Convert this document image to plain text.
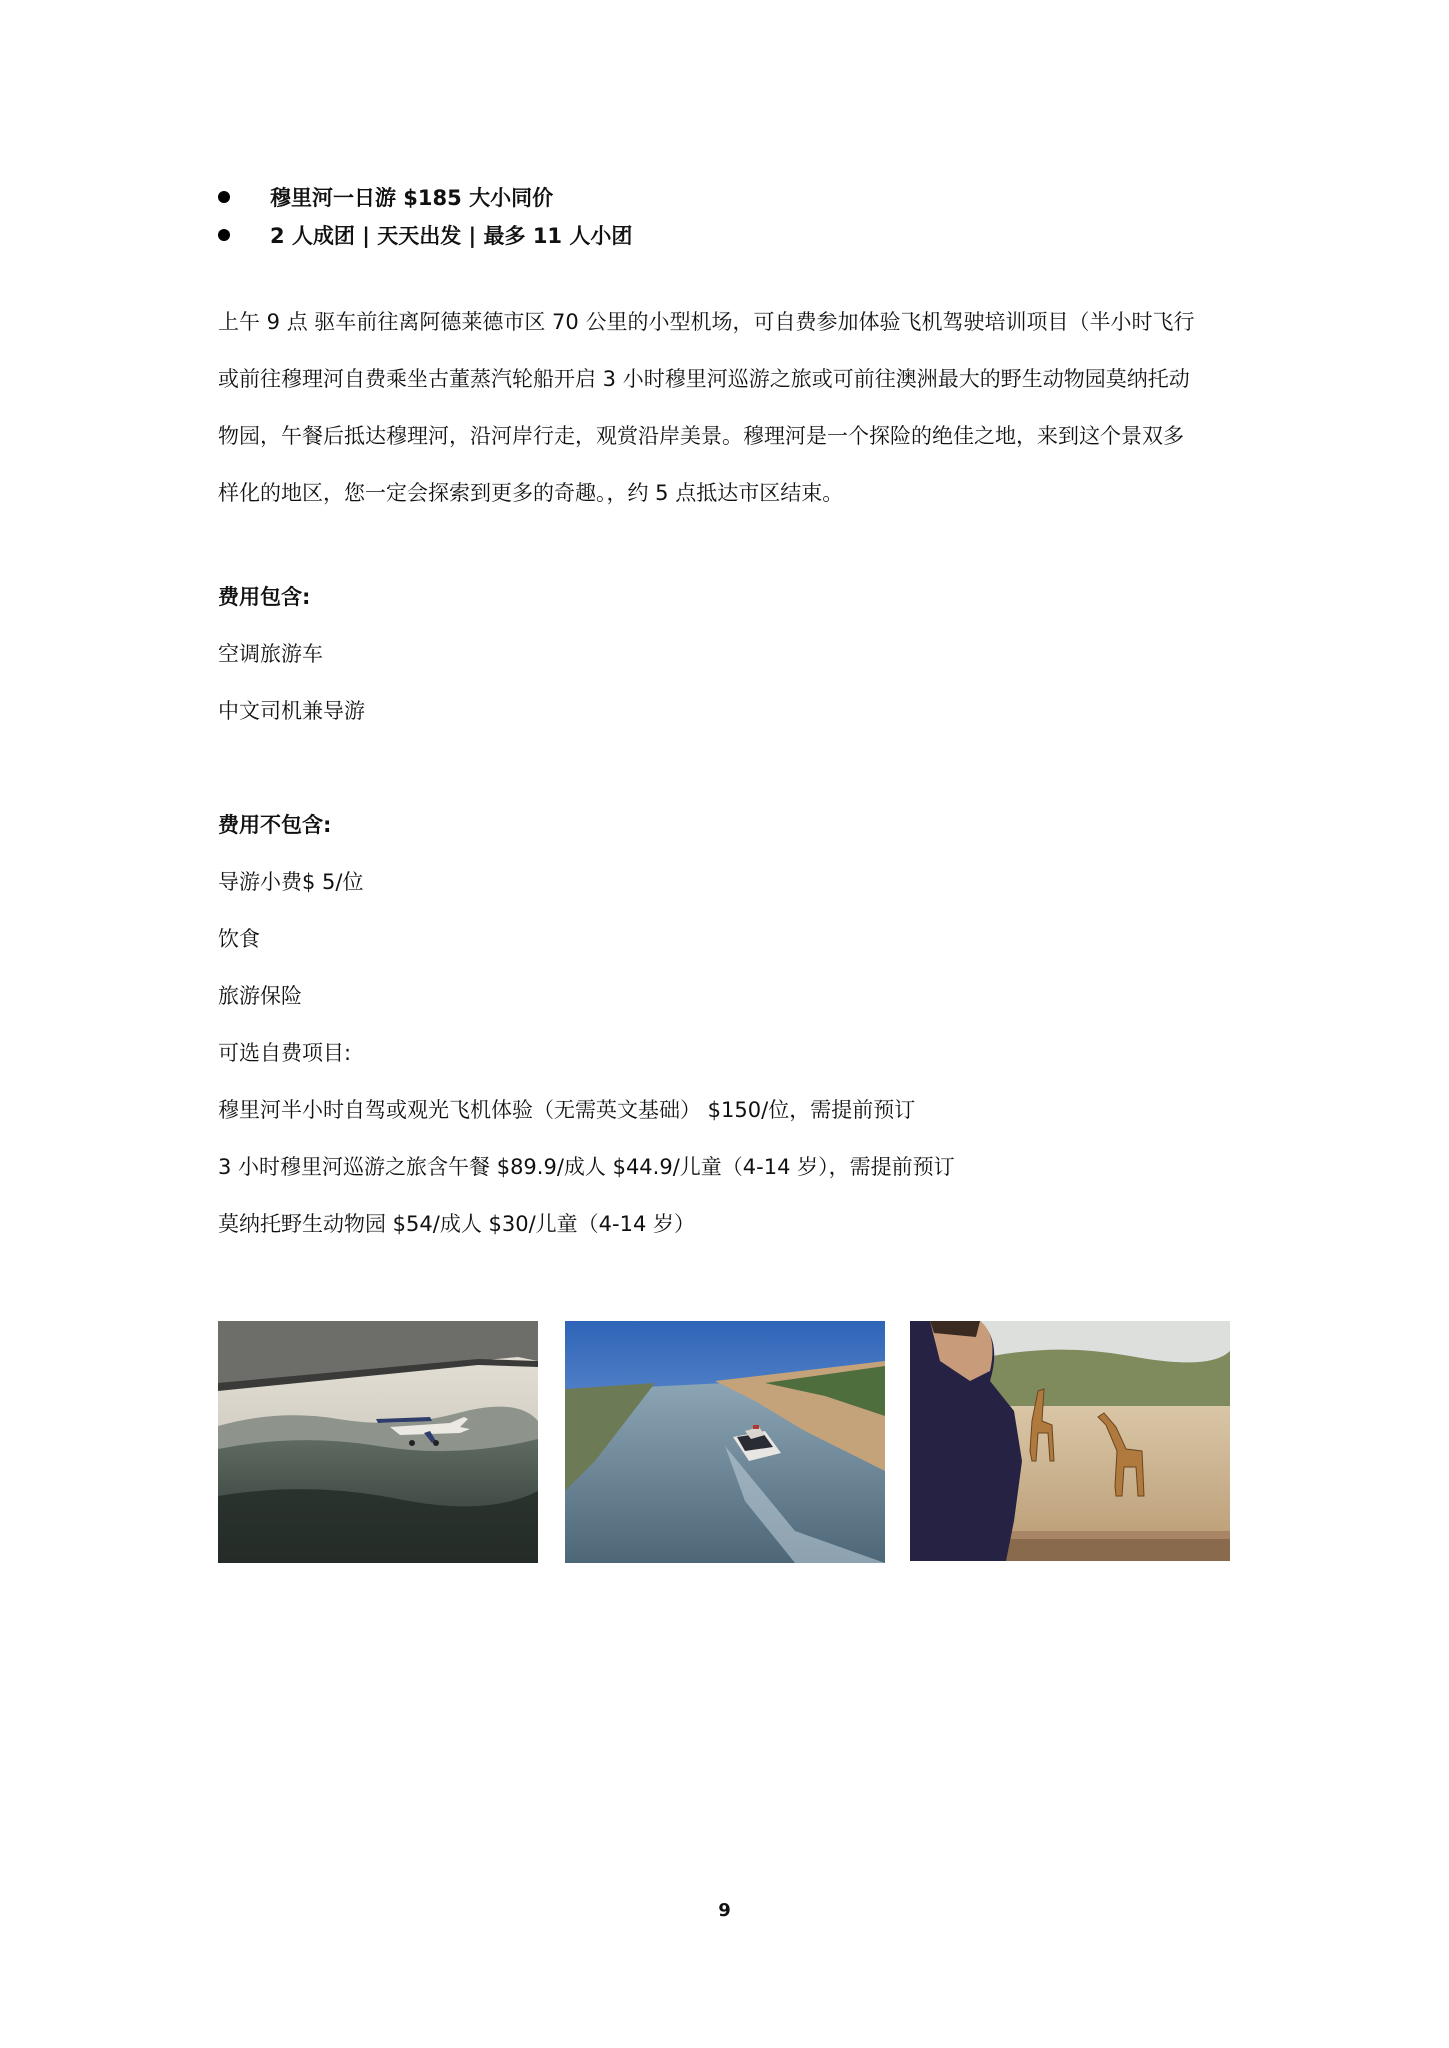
穆里河一日游 $185 大小同价
2 人成团 | 天天出发 | 最多 11 人小团

上午 9 点 驱车前往离阿德莱德市区 70 公里的小型机场，可自费参加体验飞机驾驶培训项目（半小时飞行

或前往穆理河自费乘坐古董蒸汽轮船开启 3 小时穆里河巡游之旅或可前往澳洲最大的野生动物园莫纳托动

物园，午餐后抵达穆理河，沿河岸行走，观赏沿岸美景。穆理河是一个探险的绝佳之地，来到这个景双多

样化的地区，您一定会探索到更多的奇趣。，约 5 点抵达市区结束。

费用包含:
空调旅游车
中文司机兼导游
费用不包含:
导游小费$ 5/位
饮食
旅游保险
可选自费项目:
穆里河半小时自驾或观光飞机体验（无需英文基础） $150/位，需提前预订
3 小时穆里河巡游之旅含午餐 $89.9/成人 $44.9/儿童（4-14 岁），需提前预订
莫纳托野生动物园 $54/成人 $30/儿童（4-14 岁）
9
